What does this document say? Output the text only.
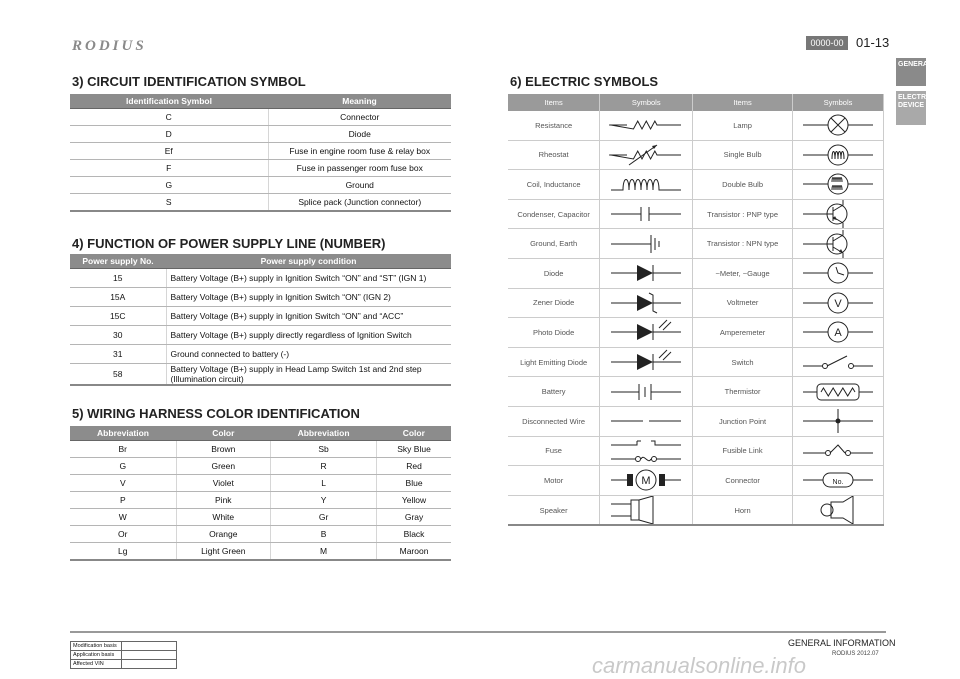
RODIUS	0000-00 01-13
GENERAL
ELECTRIC DEVICE
3) CIRCUIT IDENTIFICATION SYMBOL
Identification Symbol	Meaning
C	Connector
D	Diode
Ef	Fuse in engine room fuse & relay box
F	Fuse in passenger room fuse box
G	Ground
S	Splice pack (Junction connector)
4) FUNCTION OF POWER SUPPLY LINE (NUMBER)
Power supply No.	Power supply condition
15	Battery Voltage (B+) supply in Ignition Switch “ON” and “ST” (IGN 1)
15A	Battery Voltage (B+) supply in Ignition Switch “ON” (IGN 2)
15C	Battery Voltage (B+) supply in Ignition Switch “ON” and “ACC”
30	Battery Voltage (B+) supply directly regardless of Ignition Switch
31	Ground connected to battery (-)
58	Battery Voltage (B+) supply in Head Lamp Switch 1st and 2nd step (Illumination circuit)
5) WIRING HARNESS COLOR IDENTIFICATION
Abbreviation	Color	Abbreviation	Color
Br	Brown	Sb	Sky Blue
G	Green	R	Red
V	Violet	L	Blue
P	Pink	Y	Yellow
W	White	Gr	Gray
Or	Orange	B	Black
Lg	Light Green	M	Maroon
6) ELECTRIC SYMBOLS
Items	Symbols	Items	Symbols
Resistance		Lamp	

Rheostat		Single Bulb	

Coil, Inductance		Double Bulb	

Condenser, Capacitor		Transistor : PNP type	

Ground, Earth		Transistor : NPN type	

Diode		~Meter, ~Gauge	

Zener Diode		Voltmeter	V

Photo Diode		Amperemeter	A

Light Emitting Diode		Switch	

Battery		Thermistor	

Disconnected Wire		Junction Point	

Fuse		Fusible Link	

Motor	M	Connector	No.

Speaker		Horn	
GENERAL INFORMATION
RODIUS 2012.07
Modification basis	
Application basis	
Affected VIN		carmanualsonline.info
